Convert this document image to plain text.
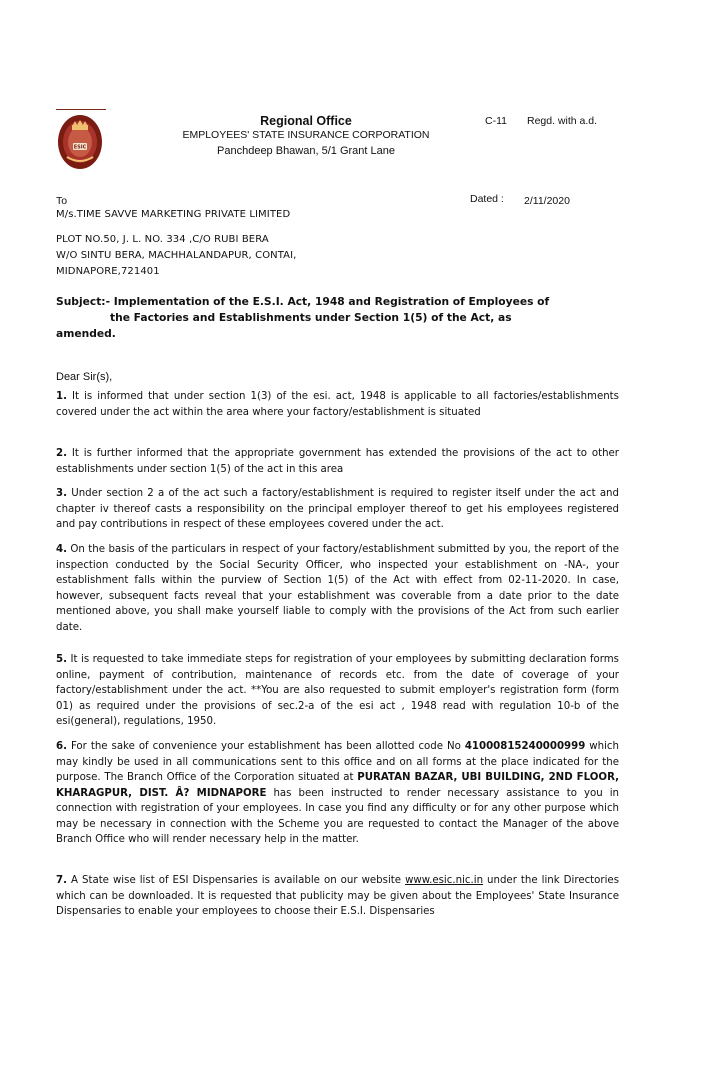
ESIC
Regional Office
EMPLOYEES' STATE INSURANCE CORPORATION
Panchdeep Bhawan, 5/1 Grant Lane
C-11 Regd. with a.d.
To	Dated : 2/11/2020
M/s.TIME SAVVE MARKETING PRIVATE LIMITED
PLOT NO.50, J. L. NO. 334 ,C/O RUBI BERA
W/O SINTU BERA, MACHHALANDAPUR, CONTAI,
MIDNAPORE,721401
Subject:- Implementation of the E.S.I. Act, 1948 and Registration of Employees of
the Factories and Establishments under Section 1(5) of the Act, as
amended.
Dear Sir(s),
1. It is informed that under section 1(3) of the esi. act, 1948 is applicable to all factories/establishments covered under the act within the area where your factory/establishment is situated
2. It is further informed that the appropriate government has extended the provisions of the act to other establishments under section 1(5) of the act in this area
3. Under section 2 a of the act such a factory/establishment is required to register itself under the act and chapter iv thereof casts a responsibility on the principal employer thereof to get his employees registered and pay contributions in respect of these employees covered under the act.
4. On the basis of the particulars in respect of your factory/establishment submitted by you, the report of the inspection conducted by the Social Security Officer, who inspected your establishment on -NA-, your establishment falls within the purview of Section 1(5) of the Act with effect from 02-11-2020. In case, however, subsequent facts reveal that your establishment was coverable from a date prior to the date mentioned above, you shall make yourself liable to comply with the provisions of the Act from such earlier date.
5. It is requested to take immediate steps for registration of your employees by submitting declaration forms online, payment of contribution, maintenance of records etc. from the date of coverage of your factory/establishment under the act. **You are also requested to submit employer's registration form (form 01) as required under the provisions of sec.2-a of the esi act , 1948 read with regulation 10-b of the esi(general), regulations, 1950.
6. For the sake of convenience your establishment has been allotted code No 41000815240000999 which may kindly be used in all communications sent to this office and on all forms at the place indicated for the purpose. The Branch Office of the Corporation situated at PURATAN BAZAR, UBI BUILDING, 2ND FLOOR, KHARAGPUR, DIST. Â? MIDNAPORE has been instructed to render necessary assistance to you in connection with registration of your employees. In case you find any difficulty or for any other purpose which may be necessary in connection with the Scheme you are requested to contact the Manager of the above Branch Office who will render necessary help in the matter.
7. A State wise list of ESI Dispensaries is available on our website www.esic.nic.in under the link Directories which can be downloaded. It is requested that publicity may be given about the Employees' State Insurance Dispensaries to enable your employees to choose their E.S.I. Dispensaries
